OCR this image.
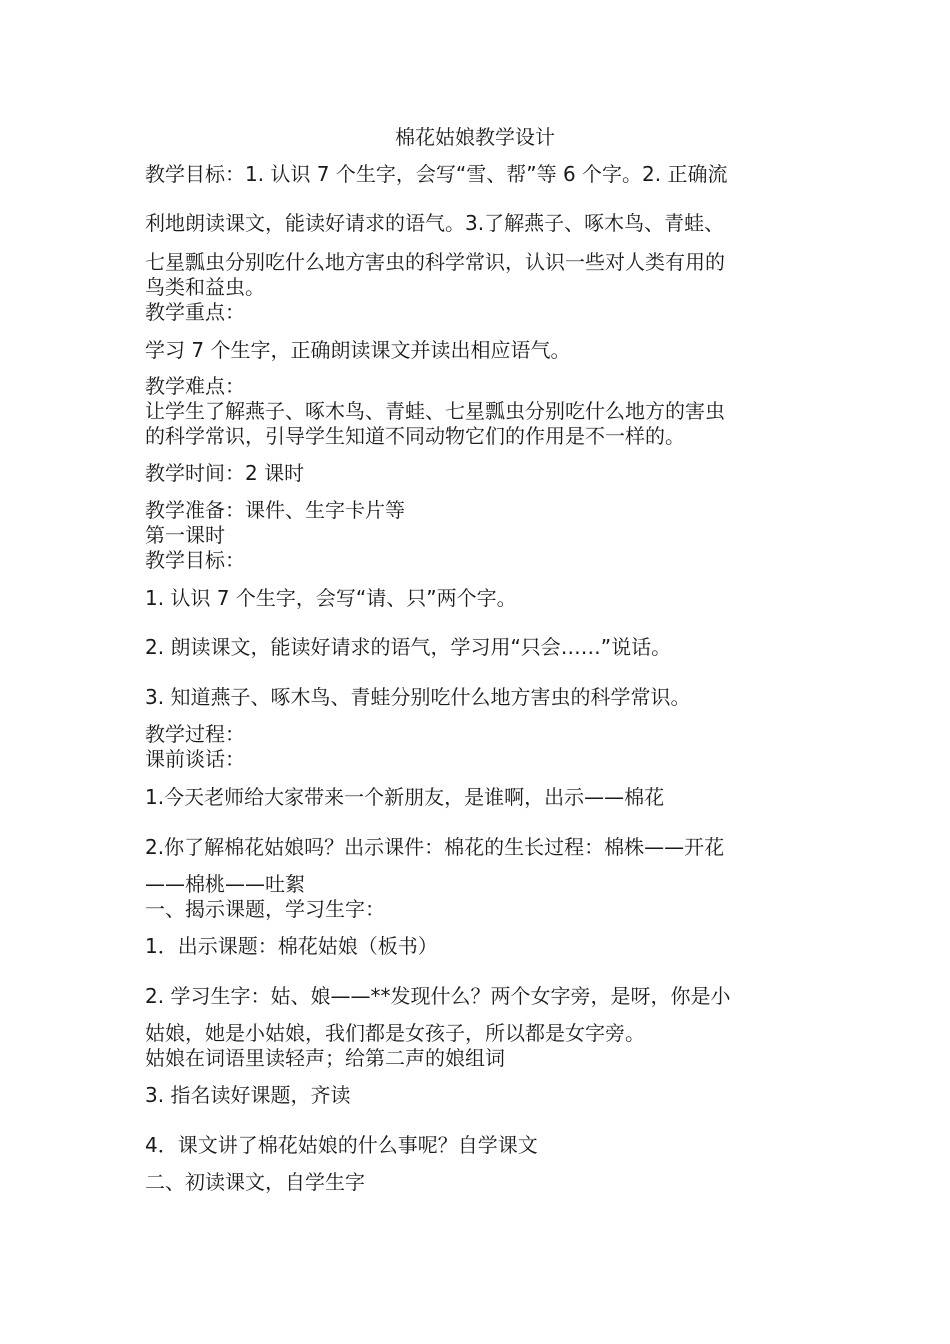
棉花姑娘教学设计
教学目标：1. 认识 7 个生字，会写“雪、帮”等 6 个字。2. 正确流
利地朗读课文，能读好请求的语气。3.了解燕子、啄木鸟、青蛙、
七星瓢虫分别吃什么地方害虫的科学常识，认识一些对人类有用的
鸟类和益虫。
教学重点：
学习 7 个生字，正确朗读课文并读出相应语气。
教学难点：
让学生了解燕子、啄木鸟、青蛙、七星瓢虫分别吃什么地方的害虫
的科学常识，引导学生知道不同动物它们的作用是不一样的。
教学时间：2 课时
教学准备：课件、生字卡片等
第一课时
教学目标：
1. 认识 7 个生字，会写“请、只”两个字。
2. 朗读课文，能读好请求的语气，学习用“只会……”说话。
3. 知道燕子、啄木鸟、青蛙分别吃什么地方害虫的科学常识。
教学过程：
课前谈话：
1.今天老师给大家带来一个新朋友，是谁啊，出示——棉花
2.你了解棉花姑娘吗？出示课件：棉花的生长过程：棉株——开花
——棉桃——吐絮
一、揭示课题，学习生字：
1．出示课题：棉花姑娘（板书）
2. 学习生字：姑、娘——**发现什么？两个女字旁，是呀，你是小
姑娘，她是小姑娘，我们都是女孩子，所以都是女字旁。
姑娘在词语里读轻声；给第二声的娘组词
3. 指名读好课题，齐读
4．课文讲了棉花姑娘的什么事呢？自学课文
二、初读课文，自学生字
